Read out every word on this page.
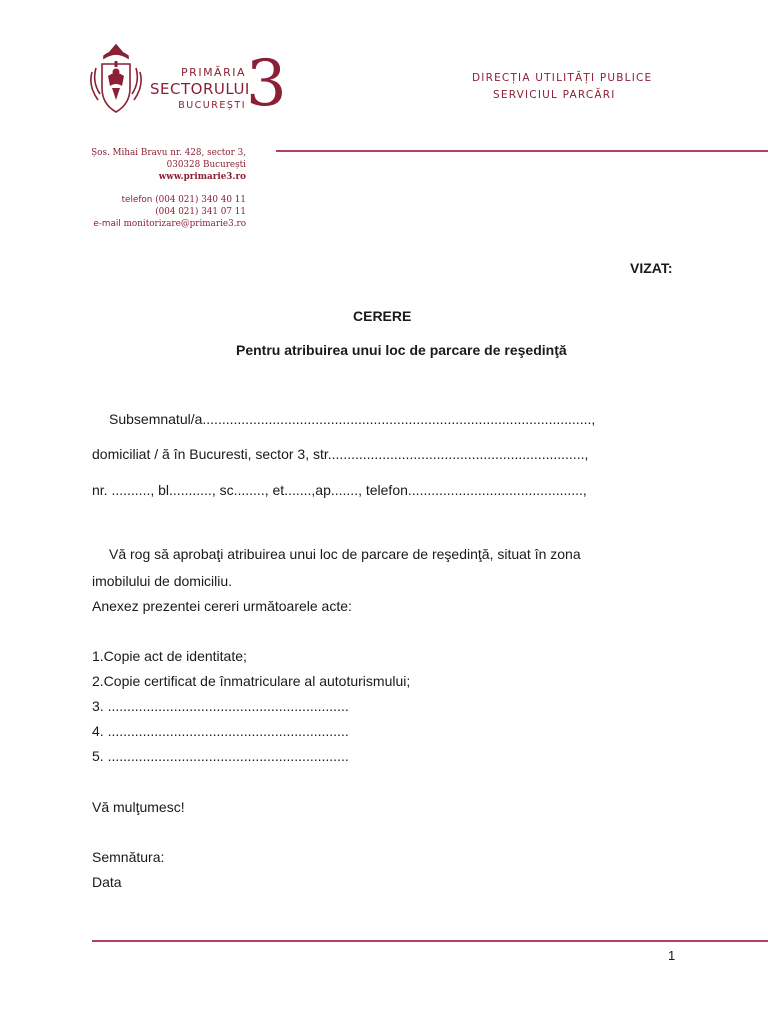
PRIMĂRIA
SECTORULUI
BUCUREȘTI 3	DIRECȚIA UTILITĂȚI PUBLICE
SERVICIUL PARCĂRI
Șos. Mihai Bravu nr. 428, sector 3,
030328 București
www.primarie3.ro
telefon (004 021) 340 40 11
(004 021) 341 07 11
e-mail monitorizare@primarie3.ro
VIZAT:
CERERE
Pentru atribuirea unui loc de parcare de reşedinţă
Subsemnatul/a....................................................................................................,
domiciliat / ă în Bucuresti, sector 3, str..................................................................,
nr. .........., bl..........., sc........, et.......,ap......., telefon.............................................,
Vă rog să aprobaţi atribuirea unui loc de parcare de reşedinţă, situat în zona
imobilului de domiciliu.
Anexez prezentei cereri următoarele acte:
1.Copie act de identitate;
2.Copie certificat de înmatriculare al autoturismului;
3. ..............................................................
4. ..............................................................
5. ..............................................................
Vă mulţumesc!
Semnătura:
Data
1
